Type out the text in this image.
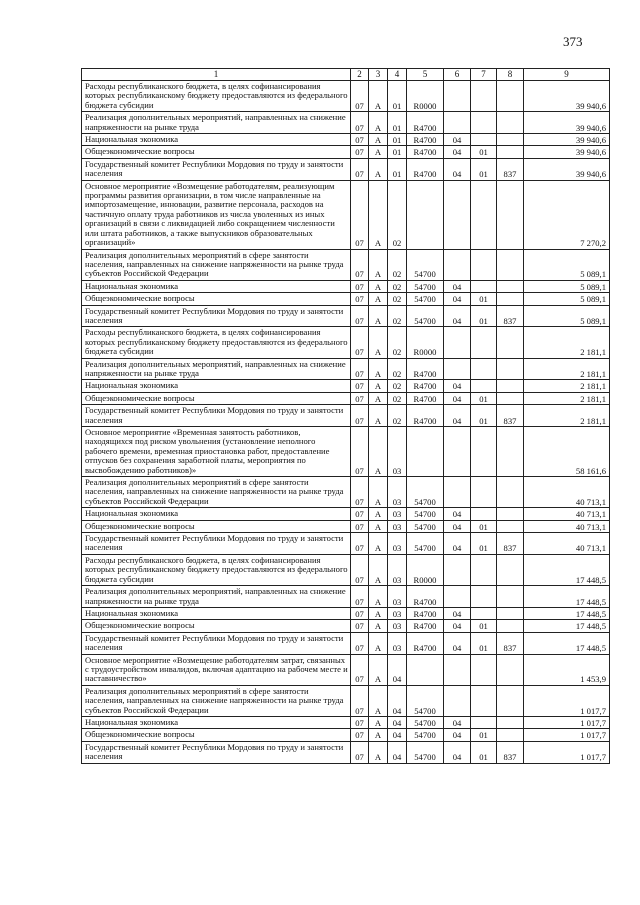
373
1	2	3	4	5	6	7	8	9
Расходы республиканского бюджета, в целях софинансирования которых республиканскому бюджету предоставляются из федерального бюджета субсидии	07	А	01	R0000				39 940,6
Реализация дополнительных мероприятий, направленных на снижение напряженности на рынке труда	07	А	01	R4700				39 940,6
Национальная экономика	07	А	01	R4700	04			39 940,6
Общеэкономические вопросы	07	А	01	R4700	04	01		39 940,6
Государственный комитет Республики Мордовия по труду и занятости населения	07	А	01	R4700	04	01	837	39 940,6
Основное мероприятие «Возмещение работодателям, реализующим программы развития организации, в том числе направленные на импортозамещение, инновации, развитие персонала, расходов на частичную оплату труда работников из числа уволенных из иных организаций в связи с ликвидацией либо сокращением численности или штата работников, а также выпускников образовательных организаций»	07	А	02					7 270,2
Реализация дополнительных мероприятий в сфере занятости населения, направленных на снижение напряженности на рынке труда субъектов Российской Федерации	07	А	02	54700				5 089,1
Национальная экономика	07	А	02	54700	04			5 089,1
Общеэкономические вопросы	07	А	02	54700	04	01		5 089,1
Государственный комитет Республики Мордовия по труду и занятости населения	07	А	02	54700	04	01	837	5 089,1
Расходы республиканского бюджета, в целях софинансирования которых республиканскому бюджету предоставляются из федерального бюджета субсидии	07	А	02	R0000				2 181,1
Реализация дополнительных мероприятий, направленных на снижение напряженности на рынке труда	07	А	02	R4700				2 181,1
Национальная экономика	07	А	02	R4700	04			2 181,1
Общеэкономические вопросы	07	А	02	R4700	04	01		2 181,1
Государственный комитет Республики Мордовия по труду и занятости населения	07	А	02	R4700	04	01	837	2 181,1
Основное мероприятие «Временная занятость работников, находящихся под риском увольнения (установление неполного рабочего времени, временная приостановка работ, предоставление отпусков без сохранения заработной платы, мероприятия по высвобождению работников)»	07	А	03					58 161,6
Реализация дополнительных мероприятий в сфере занятости населения, направленных на снижение напряженности на рынке труда субъектов Российской Федерации	07	А	03	54700				40 713,1
Национальная экономика	07	А	03	54700	04			40 713,1
Общеэкономические вопросы	07	А	03	54700	04	01		40 713,1
Государственный комитет Республики Мордовия по труду и занятости населения	07	А	03	54700	04	01	837	40 713,1
Расходы республиканского бюджета, в целях софинансирования которых республиканскому бюджету предоставляются из федерального бюджета субсидии	07	А	03	R0000				17 448,5
Реализация дополнительных мероприятий, направленных на снижение напряженности на рынке труда	07	А	03	R4700				17 448,5
Национальная экономика	07	А	03	R4700	04			17 448,5
Общеэкономические вопросы	07	А	03	R4700	04	01		17 448,5
Государственный комитет Республики Мордовия по труду и занятости населения	07	А	03	R4700	04	01	837	17 448,5
Основное мероприятие «Возмещение работодателям затрат, связанных с трудоустройством инвалидов, включая адаптацию на рабочем месте и наставничество»	07	А	04					1 453,9
Реализация дополнительных мероприятий в сфере занятости населения, направленных на снижение напряженности на рынке труда субъектов Российской Федерации	07	А	04	54700				1 017,7
Национальная экономика	07	А	04	54700	04			1 017,7
Общеэкономические вопросы	07	А	04	54700	04	01		1 017,7
Государственный комитет Республики Мордовия по труду и занятости населения	07	А	04	54700	04	01	837	1 017,7
